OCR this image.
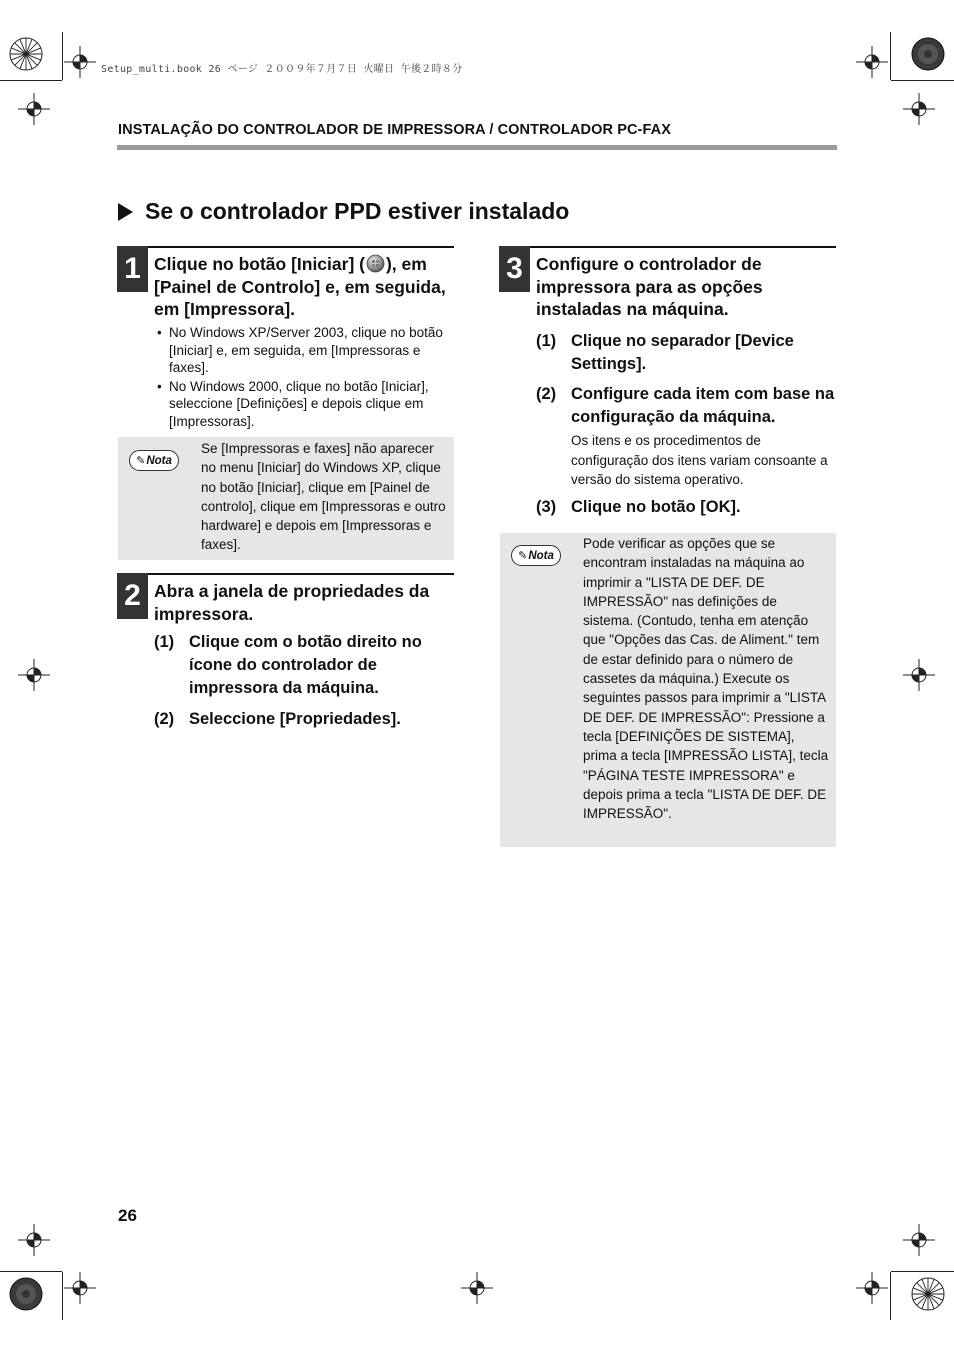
Setup_multi.book 26 ページ ２００９年７月７日 火曜日 午後２時８分
INSTALAÇÃO DO CONTROLADOR DE IMPRESSORA / CONTROLADOR PC-FAX
Se o controlador PPD estiver instalado
1 Clique no botão [Iniciar] ( ), em [Painel de Controlo] e, em seguida, em [Impressora].
• No Windows XP/Server 2003, clique no botão [Iniciar] e, em seguida, em [Impressoras e faxes].
• No Windows 2000, clique no botão [Iniciar], seleccione [Definições] e depois clique em [Impressoras].
✎ Nota
Se [Impressoras e faxes] não aparecer no menu [Iniciar] do Windows XP, clique no botão [Iniciar], clique em [Painel de controlo], clique em [Impressoras e outro hardware] e depois em [Impressoras e faxes].
2 Abra a janela de propriedades da impressora.
(1) Clique com o botão direito no ícone do controlador de impressora da máquina.
(2) Seleccione [Propriedades].
3 Configure o controlador de impressora para as opções instaladas na máquina.
(1) Clique no separador [Device Settings].
(2) Configure cada item com base na configuração da máquina.
Os itens e os procedimentos de configuração dos itens variam consoante a versão do sistema operativo.
(3) Clique no botão [OK].
✎ Nota
Pode verificar as opções que se encontram instaladas na máquina ao imprimir a "LISTA DE DEF. DE IMPRESSÃO" nas definições de sistema. (Contudo, tenha em atenção que "Opções das Cas. de Aliment." tem de estar definido para o número de cassetes da máquina.) Execute os seguintes passos para imprimir a "LISTA DE DEF. DE IMPRESSÃO": Pressione a tecla [DEFINIÇÕES DE SISTEMA], prima a tecla [IMPRESSÃO LISTA], tecla "PÁGINA TESTE IMPRESSORA" e depois prima a tecla "LISTA DE DEF. DE IMPRESSÃO".
26
